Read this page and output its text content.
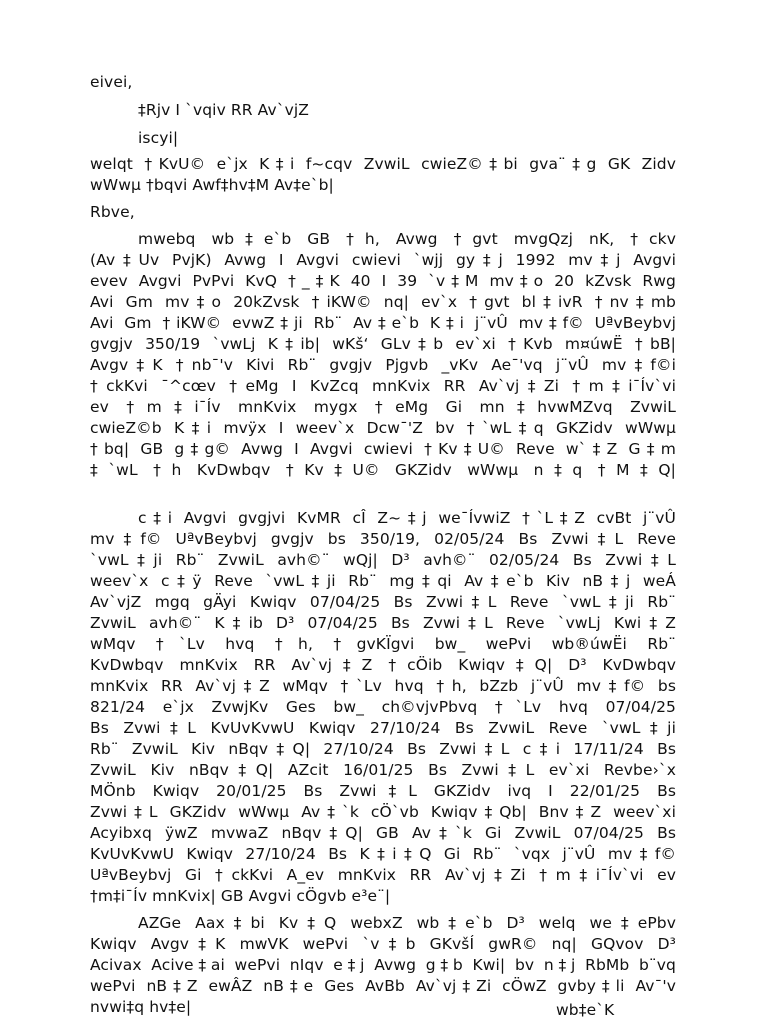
eivei,
‡Rjv I `vqiv RR Av`vjZ
iscyi|
welqt †KvU© e`jx K‡i f~cqv ZvwiL cwieZ©‡bi gva¨‡g GK Zidv
wWwµ †bqvi Awf‡hv‡M Av‡e`b|
Rbve,
mwebq wb‡e`b GB †h, Avwg †gvt mvgQzj nK, †ckv
(Av‡Uv PvjK) Avwg I Avgvi cwievi `wjj gy‡j 1992 mv‡j Avgvi
evev Avgvi PvPvi KvQ †_‡K 40 I 39 `v‡M mv‡o 20 kZvsk Rwg
Avi Gm mv‡o 20kZvsk †iKW© nq| ev`x †gvt bl‡ivR †nv‡mb
Avi Gm †iKW© evwZ‡ji Rb¨ Av‡e`b K‡i j¨vÛ mv‡f© UªvBeybvj
gvgjv 350/19 `vwLj K‡ib| wKš‘ GLv‡b ev`xi †Kvb m¤úwË †bB|
Avgv‡K †nb¯'v Kivi Rb¨ gvgjv Pjgvb _vKv Ae¯'vq j¨vÛ mv‡f©i
†ckKvi ¯^cœv †eMg I KvZcq mnKvix RR Av`vj‡Zi †m‡i¯Ív`vi
ev †m‡i¯Ív mnKvix mygx †eMg Gi mn‡hvwMZvq ZvwiL
cwieZ©b K‡i mvÿx I weev`x Dcw¯'Z bv †`wL‡q GKZidv wWwµ
†bq| GB g‡g© Avwg I Avgvi cwievi †Kv‡U© Reve w`‡Z G‡m
‡`wL †h KvDwbqv †Kv‡U© GKZidv wWwµ n‡q †M‡Q|
AZGe Aax‡bi Kv‡Q webxZ wb‡e`b D³ welq we‡ePbv
Kwiqv Avgv‡K mwVK wePvi `v‡b GKvšÍ gwR© nq| GQvov D³
Acivax Acive‡ai wePvi nIqv e‡j Avwg g‡b Kwi| bv n‡j RbMb b¨vq
wePvi nB‡Z ewÂZ nB‡e Ges AvBb Av`vj‡Zi cÖwZ gvby‡li Av¯'v
nvwi‡q hv‡e|	wb‡e`K
c‡i Avgvi gvgjvi KvMR cÎ Z~‡j we¯ÍvwiZ †`L‡Z cvBt j¨vÛ
mv‡f© UªvBeybvj gvgjv bs 350/19, 02/05/24 Bs Zvwi‡L Reve
`vwL‡ji Rb¨ ZvwiL avh©¨ wQj| D³ avh©¨ 02/05/24 Bs Zvwi‡L
weev`x c‡ÿ Reve `vwL‡ji Rb¨ mg‡qi Av‡e`b Kiv nB‡j weÁ
Av`vjZ mgq gÄyi Kwiqv 07/04/25 Bs Zvwi‡L Reve `vwL‡ji Rb¨
ZvwiL avh©¨ K‡ib D³ 07/04/25 Bs Zvwi‡L Reve `vwLj Kwi‡Z
wMqv †`Lv hvq †h, †gvKÏgvi bw_ wePvi wb®úwËi Rb¨
KvDwbqv mnKvix RR Av`vj‡Z †cÖib Kwiqv‡Q| D³ KvDwbqv
mnKvix RR Av`vj‡Z wMqv †`Lv hvq †h, bZzb j¨vÛ mv‡f© bs
821/24 e`jx ZvwjKv Ges bw_ ch©vjvPbvq †`Lv hvq 07/04/25
Bs Zvwi‡L KvUvKvwU Kwiqv 27/10/24 Bs ZvwiL Reve `vwL‡ji
Rb¨ ZvwiL Kiv nBqv‡Q| 27/10/24 Bs Zvwi‡L c‡i 17/11/24 Bs
ZvwiL Kiv nBqv‡Q| AZcit 16/01/25 Bs Zvwi‡L ev`xi Revbe›`x
MÖnb Kwiqv 20/01/25 Bs Zvwi‡L GKZidv ivq I 22/01/25 Bs
Zvwi‡L GKZidv wWwµ Av‡`k cÖ`vb Kwiqv‡Qb| Bnv‡Z weev`xi
Acyibxq ÿwZ mvwaZ nBqv‡Q| GB Av‡`k Gi ZvwiL 07/04/25 Bs
KvUvKvwU Kwiqv 27/10/24 Bs K‡i‡Q Gi Rb¨ `vqx j¨vÛ mv‡f©
UªvBeybvj Gi †ckKvi A_ev mnKvix RR Av`vj‡Zi †m‡i¯Ív`vi ev
†m‡i¯Ív mnKvix| GB Avgvi cÖgvb e³e¨|
